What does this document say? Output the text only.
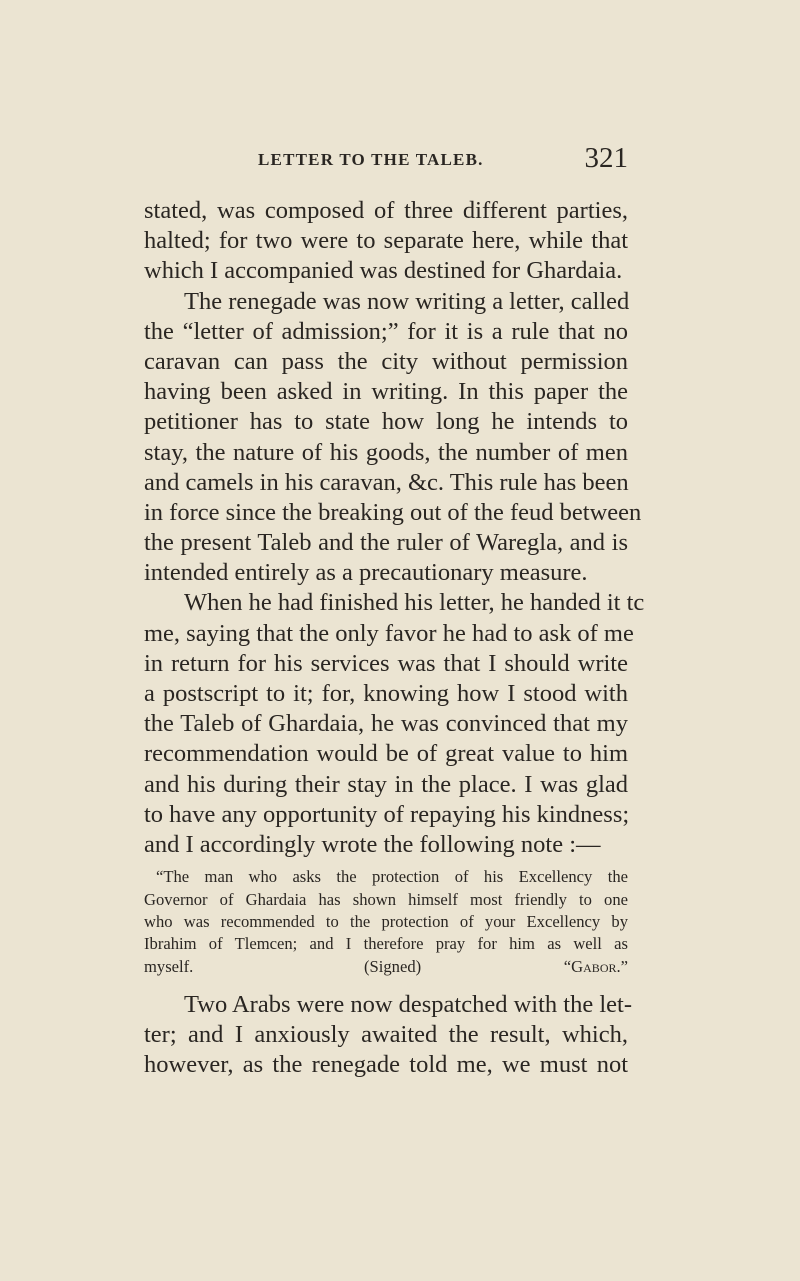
LETTER TO THE TALEB.	321
stated, was composed of three different parties,
halted; for two were to separate here, while that
which I accompanied was destined for Ghardaia.
The renegade was now writing a letter, called
the “letter of admission;” for it is a rule that no
caravan can pass the city without permission
having been asked in writing. In this paper the
petitioner has to state how long he intends to
stay, the nature of his goods, the number of men
and camels in his caravan, &c. This rule has been
in force since the breaking out of the feud between
the present Taleb and the ruler of Waregla, and is
intended entirely as a precautionary measure.
When he had finished his letter, he handed it tc
me, saying that the only favor he had to ask of me
in return for his services was that I should write
a postscript to it; for, knowing how I stood with
the Taleb of Ghardaia, he was convinced that my
recommendation would be of great value to him
and his during their stay in the place. I was glad
to have any opportunity of repaying his kindness;
and I accordingly wrote the following note :—
“The man who asks the protection of his Excellency the
Governor of Ghardaia has shown himself most friendly to one
who was recommended to the protection of your Excellency by
Ibrahim of Tlemcen; and I therefore pray for him as well as
myself.	(Signed)	“Gabor.”
Two Arabs were now despatched with the let-
ter; and I anxiously awaited the result, which,
however, as the renegade told me, we must not
